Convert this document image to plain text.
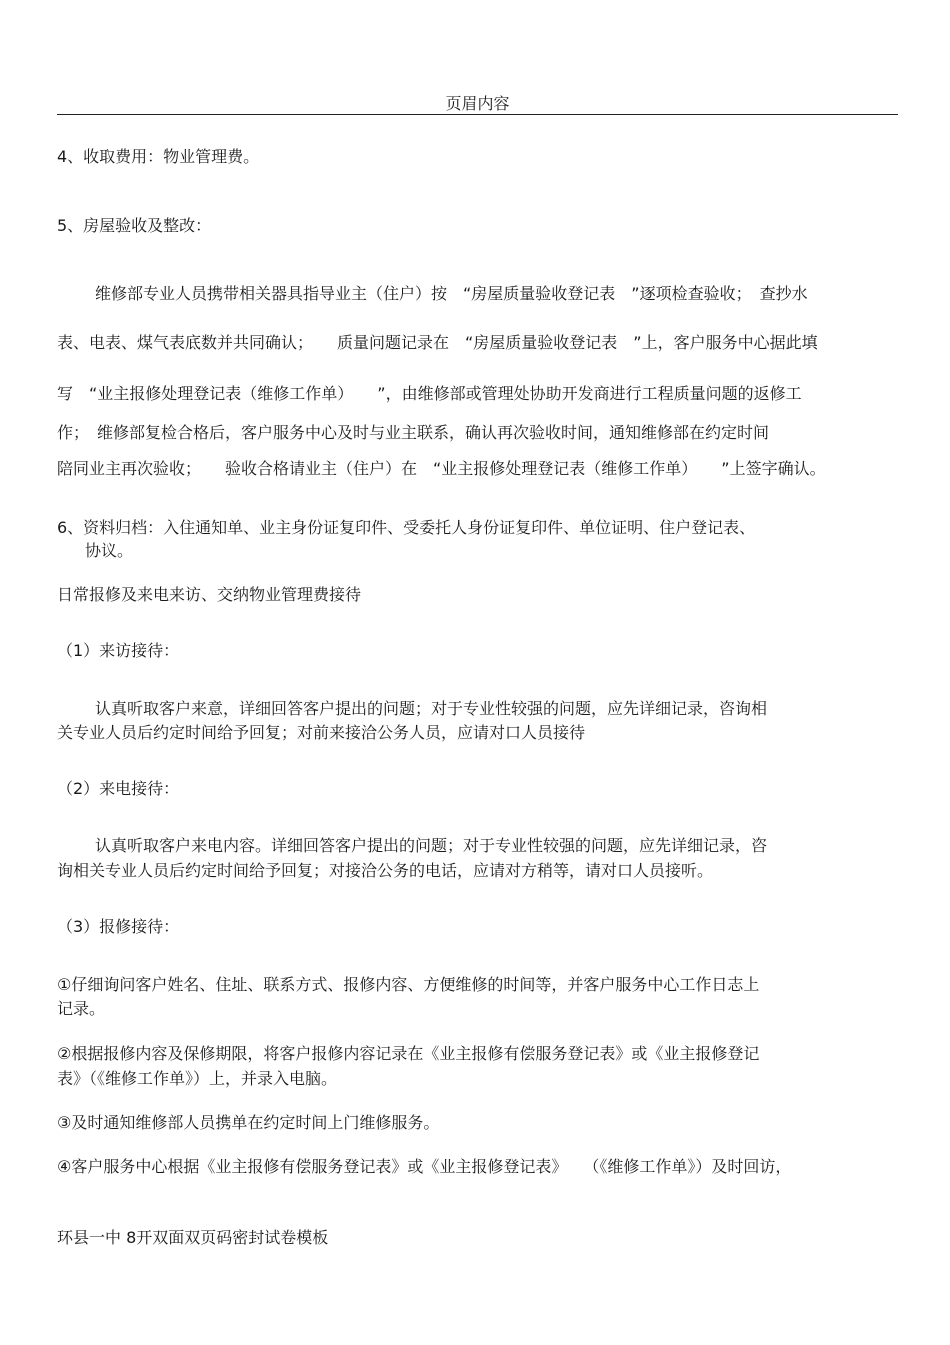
页眉内容
4、收取费用：物业管理费。
5、房屋验收及整改：
维修部专业人员携带相关器具指导业主（住户）按　“房屋质量验收登记表　”逐项检查验收；　查抄水
表、电表、煤气表底数并共同确认；　　质量问题记录在　“房屋质量验收登记表　”上，客户服务中心据此填
写　“业主报修处理登记表（维修工作单）　　”，由维修部或管理处协助开发商进行工程质量问题的返修工
作；　维修部复检合格后，客户服务中心及时与业主联系，确认再次验收时间，通知维修部在约定时间
陪同业主再次验收；　　验收合格请业主（住户）在　“业主报修处理登记表（维修工作单）　　”上签字确认。
6、资料归档：入住通知单、业主身份证复印件、受委托人身份证复印件、单位证明、住户登记表、
协议。
日常报修及来电来访、交纳物业管理费接待
（1）来访接待：
认真听取客户来意，详细回答客户提出的问题；对于专业性较强的问题，应先详细记录，咨询相
关专业人员后约定时间给予回复；对前来接洽公务人员，应请对口人员接待
（2）来电接待：
认真听取客户来电内容。详细回答客户提出的问题；对于专业性较强的问题，应先详细记录，咨
询相关专业人员后约定时间给予回复；对接洽公务的电话，应请对方稍等，请对口人员接听。
（3）报修接待：
①仔细询问客户姓名、住址、联系方式、报修内容、方便维修的时间等，并客户服务中心工作日志上
记录。
②根据报修内容及保修期限，将客户报修内容记录在《业主报修有偿服务登记表》或《业主报修登记
表》（《维修工作单》）上，并录入电脑。
③及时通知维修部人员携单在约定时间上门维修服务。
④客户服务中心根据《业主报修有偿服务登记表》或《业主报修登记表》　　（《维修工作单》）及时回访，
环县一中 8开双面双页码密封试卷模板
